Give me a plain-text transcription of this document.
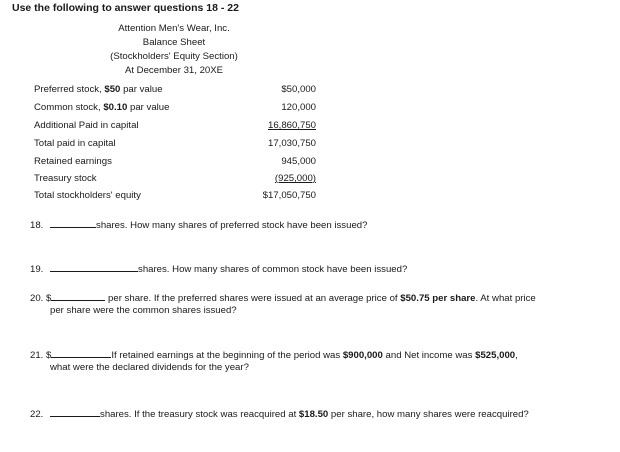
Use the following to answer questions 18 - 22
Attention Men's Wear, Inc.
Balance Sheet
(Stockholders' Equity Section)
At December 31, 20XE
Preferred stock, $50 par value	$50,000
Common stock, $0.10 par value	120,000
Additional Paid in capital	16,860,750
Total paid in capital	17,030,750
Retained earnings	945,000
Treasury stock	(925,000)
Total stockholders' equity	$17,050,750
18.	shares. How many shares of preferred stock have been issued?
19.	shares. How many shares of common stock have been issued?
20. $	per share. If the preferred shares were issued at an average price of $50.75 per share. At what price
per share were the common shares issued?
21. $	If retained earnings at the beginning of the period was $900,000 and Net income was $525,000,
what were the declared dividends for the year?
22.	shares. If the treasury stock was reacquired at $18.50 per share, how many shares were reacquired?
